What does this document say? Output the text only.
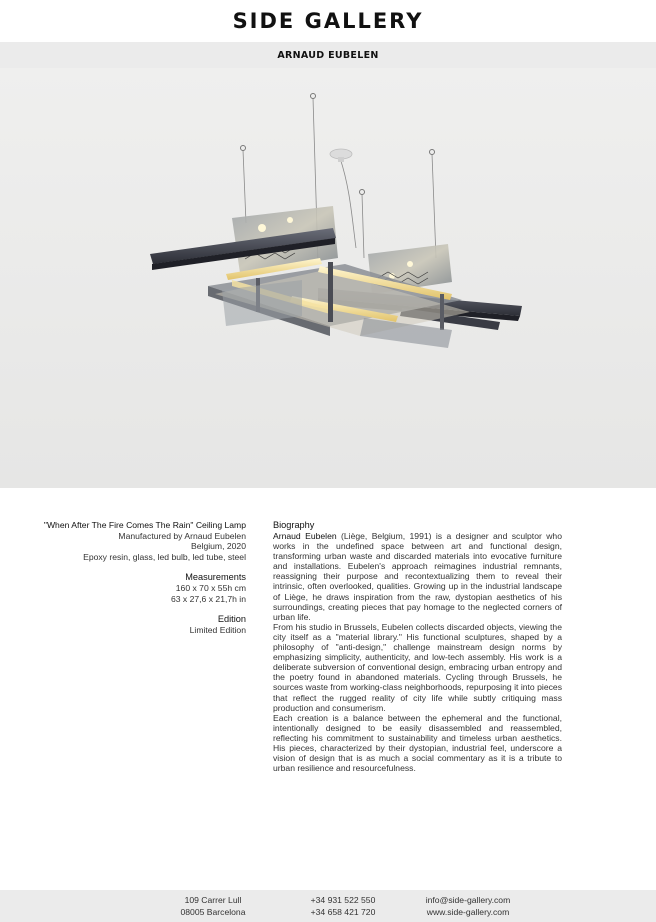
SIDE GALLERY
ARNAUD EUBELEN
"When After The Fire Comes The Rain" Ceiling Lamp
Manufactured by Arnaud Eubelen
Belgium, 2020
Epoxy resin, glass, led bulb, led tube, steel
Measurements
160 x 70 x 55h cm
63 x 27,6 x 21,7h in
Edition
Limited Edition
Biography

Arnaud Eubelen (Liège, Belgium, 1991) is a designer and sculptor who works in the undefined space between art and functional design, transforming urban waste and discarded materials into evocative furniture and installations. Eubelen's approach reimagines industrial remnants, reassigning their purpose and recontextualizing them to reveal their intrinsic, often overlooked, qualities. Growing up in the industrial landscape of Liège, he draws inspiration from the raw, dystopian aesthetics of his surroundings, creating pieces that pay homage to the neglected corners of urban life.

From his studio in Brussels, Eubelen collects discarded objects, viewing the city itself as a "material library." His functional sculptures, shaped by a philosophy of "anti-design," challenge mainstream design norms by emphasizing simplicity, authenticity, and low-tech assembly. His work is a deliberate subversion of conventional design, embracing urban entropy and the poetry found in abandoned materials. Cycling through Brussels, he sources waste from working-class neighborhoods, repurposing it into pieces that reflect the rugged reality of city life while subtly critiquing mass production and consumerism.

Each creation is a balance between the ephemeral and the functional, intentionally designed to be easily disassembled and reassembled, reflecting his commitment to sustainability and timeless urban aesthetics. His pieces, characterized by their dystopian, industrial feel, underscore a vision of design that is as much a social commentary as it is a tribute to urban resilience and resourcefulness.

109 Carrer Lull
08005 Barcelona
+34 931 522 550
+34 658 421 720
info@side-gallery.com
www.side-gallery.com
